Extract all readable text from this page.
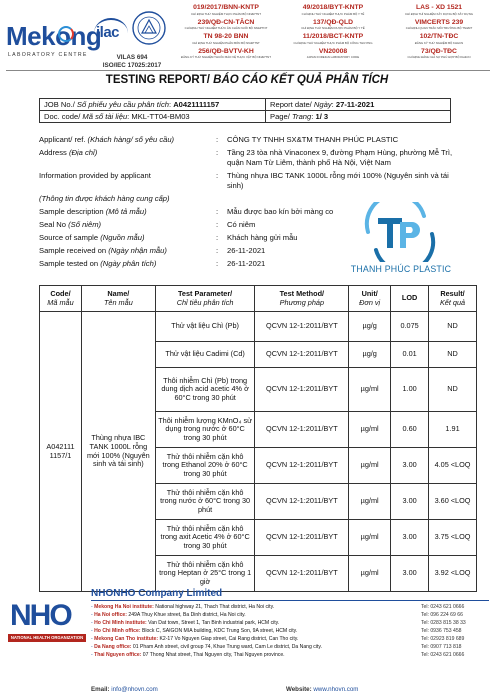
Mekong
LABORATORY CENTRE
ilac
VILAS 694
ISO/IEC 17025:2017
019/2017/BNN-KNTP
CHỈ ĐỊNH THỬ NGHIỆM THỰC PHẨM BỘ NN&PTNT
239/QĐ-CN-TĂCN
CHỈ ĐỊNH THỬ NGHIỆM THỨC ĂN CHĂN NUÔI BỘ NN&PTNT
TN 98-20 BNN
CHỈ ĐỊNH THỬ NGHIỆM PHÂN BÓN BỘ NN&PTNT
256/QĐ-BVTV-KH
ĐĂNG KÝ THỬ NGHIỆM THUỐC BẢO VỆ THỰC VẬT BỘ NN&PTNT
49/2018/BYT-KNTP
CHỈ ĐỊNH THỬ NGHIỆM THỰC PHẨM BỘ Y TẾ
137/QĐ-QLD
CHỈ ĐỊNH THỬ NGHIỆM DƯỢC PHẨM BỘ Y TẾ
11/2018/BCT-KNTP
CHỈ ĐỊNH THỬ NGHIỆM THỰC PHẨM BỘ CÔNG THƯƠNG
VN20008
JAPAN FOREIGN LABORATORY CODE
LAS - XD 1521
CHỈ ĐỊNH THÍ NGHIỆM XÂY DỰNG BỘ XÂY DỰNG
VIMCERTS 239
CHỈ ĐỊNH QUAN TRẮC MÔI TRƯỜNG BỘ TN&MT
102/TN-TĐC
ĐĂNG KÝ THỬ NGHIỆM BỘ KH&CN
73/QĐ-TĐC
CHỈ ĐỊNH ĐÁNH GIÁ SỰ PHÙ HỢP BỘ KH&CN
TESTING REPORT/ BÁO CÁO KẾT QUẢ PHÂN TÍCH
JOB No./ Số phiếu yêu cầu phân tích: A0421111157	Report date/ Ngày: 27-11-2021
Doc. code/ Mã số tài liệu: MKL-TT04-BM03	Page/ Trang: 1/ 3
Applicant/ ref. (Khách hàng/ số yêu cầu)	: CÔNG TY TNHH SX&TM THANH PHÚC PLASTIC
Address (Địa chỉ)	: Tầng 23 tòa nhà Vinaconex 9, đường Phạm Hùng, phường Mễ Trì, quận Nam Từ Liêm, thành phố Hà Nội, Việt Nam
Information provided by applicant	: Thùng nhựa IBC TANK 1000L rỗng mới 100% (Nguyên sinh và tái sinh)
(Thông tin được khách hàng cung cấp)
Sample description (Mô tả mẫu)	: Mẫu được bao kín bởi màng co
Seal No (Số niêm)	: Có niêm
Source of sample (Nguồn mẫu)	: Khách hàng gửi mẫu
Sample received on (Ngày nhận mẫu)	: 26-11-2021
Sample tested on (Ngày phân tích)	: 26-11-2021
THANH PHÚC PLASTIC
Code/
Mã mẫu	Name/
Tên mẫu	Test Parameter/
Chỉ tiêu phân tích	Test Method/
Phương pháp	Unit/
Đơn vị	LOD	Result/
Kết quả

A042111 1157/1	Thùng nhựa IBC TANK 1000L rỗng mới 100% (Nguyên sinh và tái sinh)	Thử vật liệu Chì (Pb)	QCVN 12-1:2011/BYT	µg/g	0.075	ND
		Thử vật liệu Cadimi (Cd)	QCVN 12-1:2011/BYT	µg/g	0.01	ND
		Thôi nhiễm Chì (Pb) trong dung dịch acid acetic 4% ở 60°C trong 30 phút	QCVN 12-1:2011/BYT	µg/ml	1.00	ND
		Thôi nhiễm lượng KMnO₄ sử dụng trong nước ở 60°C trong 30 phút	QCVN 12-1:2011/BYT	µg/ml	0.60	1.91
		Thử thôi nhiễm cặn khô trong Ethanol 20% ở 60°C trong 30 phút	QCVN 12-1:2011/BYT	µg/ml	3.00	4.05 <LOQ
		Thử thôi nhiễm cặn khô trong nước ở 60°C trong 30 phút	QCVN 12-1:2011/BYT	µg/ml	3.00	3.60 <LOQ
		Thử thôi nhiễm cặn khô trong axit Acetic 4% ở 60°C trong 30 phút	QCVN 12-1:2011/BYT	µg/ml	3.00	3.75 <LOQ
		Thử thôi nhiễm cặn khô trong Heptan ở 25°C trong 1 giờ	QCVN 12-1:2011/BYT	µg/ml	3.00	3.92 <LOQ
NHO
NATIONAL HEALTH ORGANIZATION
NHONHO Company Limited
- Mekong Ha Noi institute: National highway 21, Thach That district, Ha Noi city.	Tel: 0243 621 0666
- Ha Noi office: 249A Thuy Khue street, Ba Dinh district, Ha Noi city.	Tel: 096 224 69 66
- Ho Chi Minh institute: Van Dat town, Street 1, Tan Binh industrial park, HCM city.	Tel: 0283 815 38 33
- Ho Chi Minh office: Block C, SAIGON MIA building, KDC Trung Son, 9A street, HCM city.	Tel: 0936 753 458
- Mekong Can Tho institute: K2-17 Vo Nguyen Giap street, Cai Rang district, Can Tho city.	Tel: 02923 819 689
- Da Nang office: 01 Pham Anh street, civil group 74, Khue Trung ward, Cam Le district, Da Nang city.	Tel: 0907 713 818
- Thai Nguyen office: 07 Thong Nhat street, Thai Nguyen city, Thai Nguyen province.	Tel: 0243 621 0666
Email: info@nhovn.com	Website: www.nhovn.com
